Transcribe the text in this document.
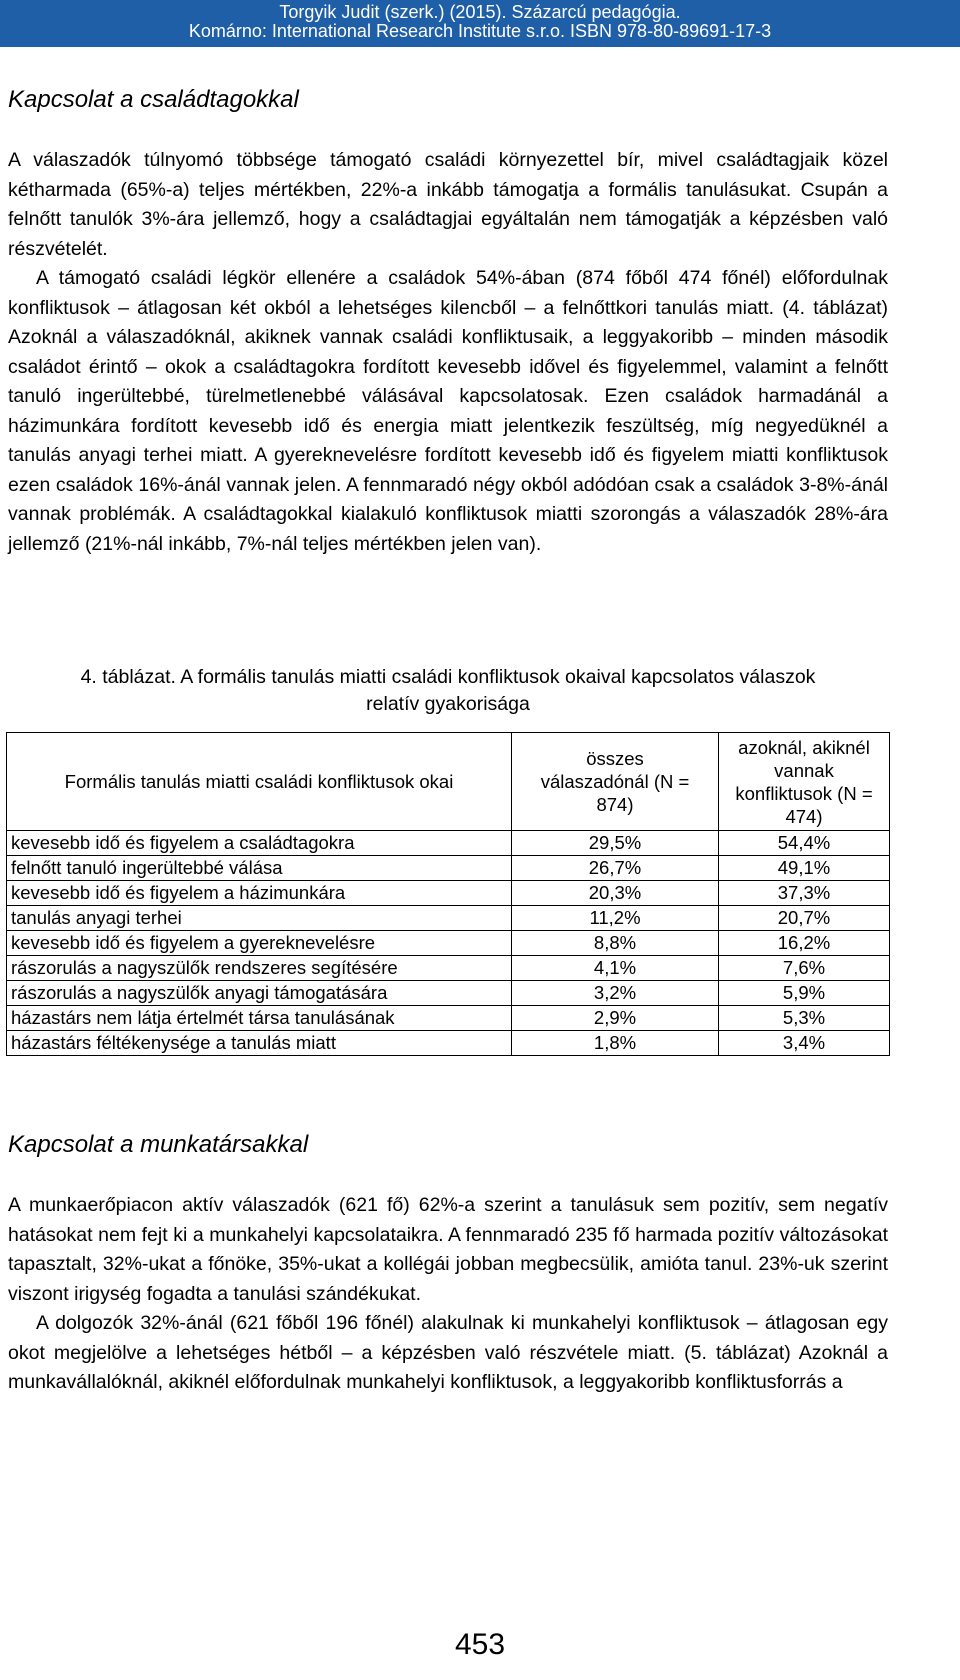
Torgyik Judit (szerk.) (2015). Százarcú pedagógia.
Komárno: International Research Institute s.r.o. ISBN 978-80-89691-17-3
Kapcsolat a családtagokkal

A válaszadók túlnyomó többsége támogató családi környezettel bír, mivel családtagjaik közel kétharmada (65%-a) teljes mértékben, 22%-a inkább támogatja a formális tanulásukat. Csupán a felnőtt tanulók 3%-ára jellemző, hogy a családtagjai egyáltalán nem támogatják a képzésben való részvételét.

A támogató családi légkör ellenére a családok 54%-ában (874 főből 474 főnél) előfordulnak konfliktusok – átlagosan két okból a lehetséges kilencből – a felnőttkori tanulás miatt. (4. táblázat) Azoknál a válaszadóknál, akiknek vannak családi konfliktusaik, a leggyakoribb – minden második családot érintő – okok a családtagokra fordított kevesebb idővel és figyelemmel, valamint a felnőtt tanuló ingerültebbé, türelmetlenebbé válásával kapcsolatosak. Ezen családok harmadánál a házimunkára fordított kevesebb idő és energia miatt jelentkezik feszültség, míg negyedüknél a tanulás anyagi terhei miatt. A gyereknevelésre fordított kevesebb idő és figyelem miatti konfliktusok ezen családok 16%-ánál vannak jelen. A fennmaradó négy okból adódóan csak a családok 3-8%-ánál vannak problémák. A családtagokkal kialakuló konfliktusok miatti szorongás a válaszadók 28%-ára jellemző (21%-nál inkább, 7%-nál teljes mértékben jelen van).

4. táblázat. A formális tanulás miatti családi konfliktusok okaival kapcsolatos válaszok

relatív gyakorisága

Formális tanulás miatti családi konfliktusok okai	összes válaszadónál (N = 874)	azoknál, akiknél vannak konfliktusok (N = 474)
kevesebb idő és figyelem a családtagokra	29,5%	54,4%
felnőtt tanuló ingerültebbé válása	26,7%	49,1%
kevesebb idő és figyelem a házimunkára	20,3%	37,3%
tanulás anyagi terhei	11,2%	20,7%
kevesebb idő és figyelem a gyereknevelésre	8,8%	16,2%
rászorulás a nagyszülők rendszeres segítésére	4,1%	7,6%
rászorulás a nagyszülők anyagi támogatására	3,2%	5,9%
házastárs nem látja értelmét társa tanulásának	2,9%	5,3%
házastárs féltékenysége a tanulás miatt	1,8%	3,4%
Kapcsolat a munkatársakkal

A munkaerőpiacon aktív válaszadók (621 fő) 62%-a szerint a tanulásuk sem pozitív, sem negatív hatásokat nem fejt ki a munkahelyi kapcsolataikra. A fennmaradó 235 fő harmada pozitív változásokat tapasztalt, 32%-ukat a főnöke, 35%-ukat a kollégái jobban megbecsülik, amióta tanul. 23%-uk szerint viszont irigység fogadta a tanulási szándékukat.

A dolgozók 32%-ánál (621 főből 196 főnél) alakulnak ki munkahelyi konfliktusok – átlagosan egy okot megjelölve a lehetséges hétből – a képzésben való részvétele miatt. (5. táblázat) Azoknál a munkavállalóknál, akiknél előfordulnak munkahelyi konfliktusok, a leggyakoribb konfliktusforrás a

453
